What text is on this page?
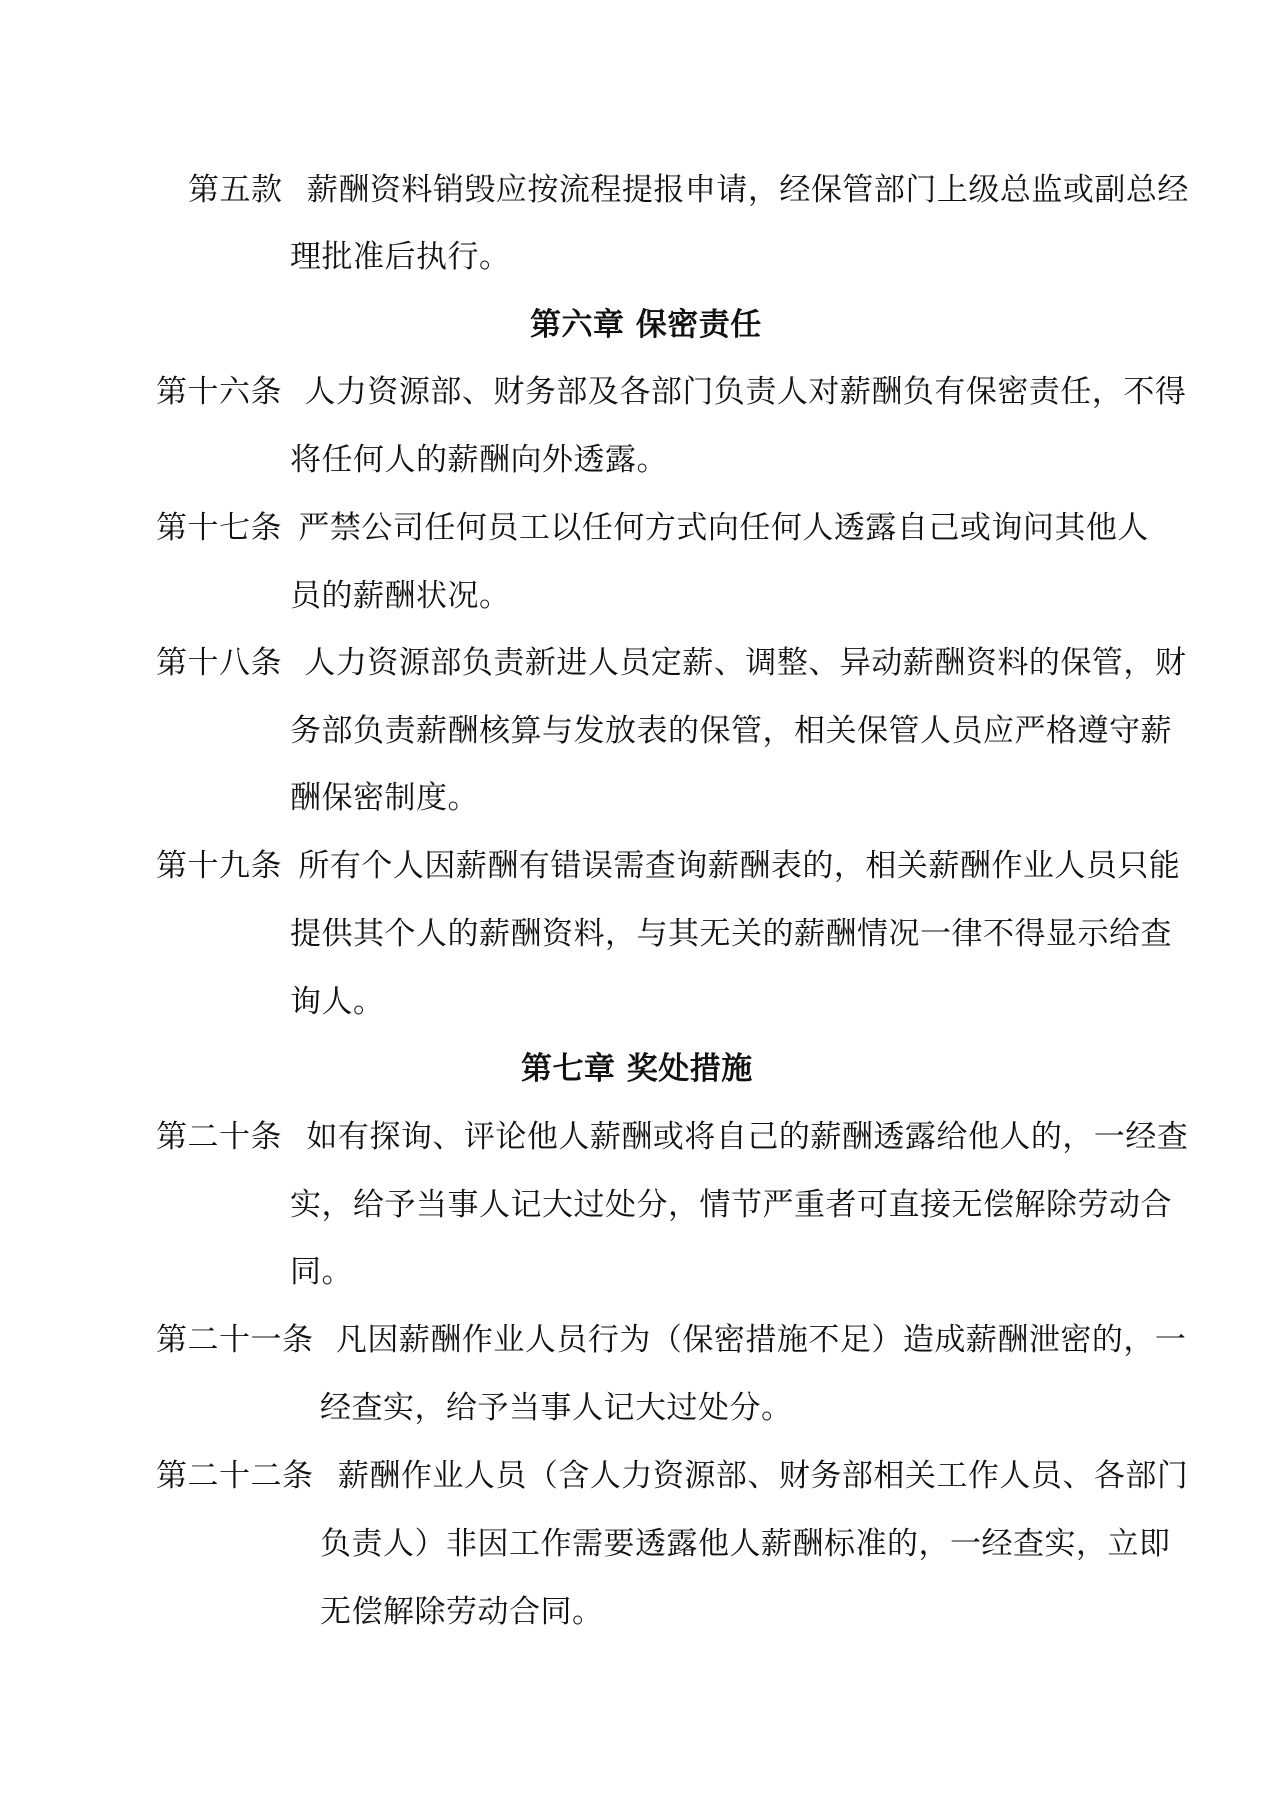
第五款 薪酬资料销毁应按流程提报申请，经保管部门上级总监或副总经
理批准后执行。
第六章 保密责任
第十六条 人力资源部、财务部及各部门负责人对薪酬负有保密责任，不得
将任何人的薪酬向外透露。
第十七条 严禁公司任何员工以任何方式向任何人透露自己或询问其他人
员的薪酬状况。
第十八条 人力资源部负责新进人员定薪、调整、异动薪酬资料的保管，财
务部负责薪酬核算与发放表的保管，相关保管人员应严格遵守薪
酬保密制度。
第十九条 所有个人因薪酬有错误需查询薪酬表的，相关薪酬作业人员只能
提供其个人的薪酬资料，与其无关的薪酬情况一律不得显示给查
询人。
第七章 奖处措施
第二十条 如有探询、评论他人薪酬或将自己的薪酬透露给他人的，一经查
实，给予当事人记大过处分，情节严重者可直接无偿解除劳动合
同。
第二十一条 凡因薪酬作业人员行为（保密措施不足）造成薪酬泄密的，一
经查实，给予当事人记大过处分。
第二十二条 薪酬作业人员（含人力资源部、财务部相关工作人员、各部门
负责人）非因工作需要透露他人薪酬标准的，一经查实，立即
无偿解除劳动合同。
